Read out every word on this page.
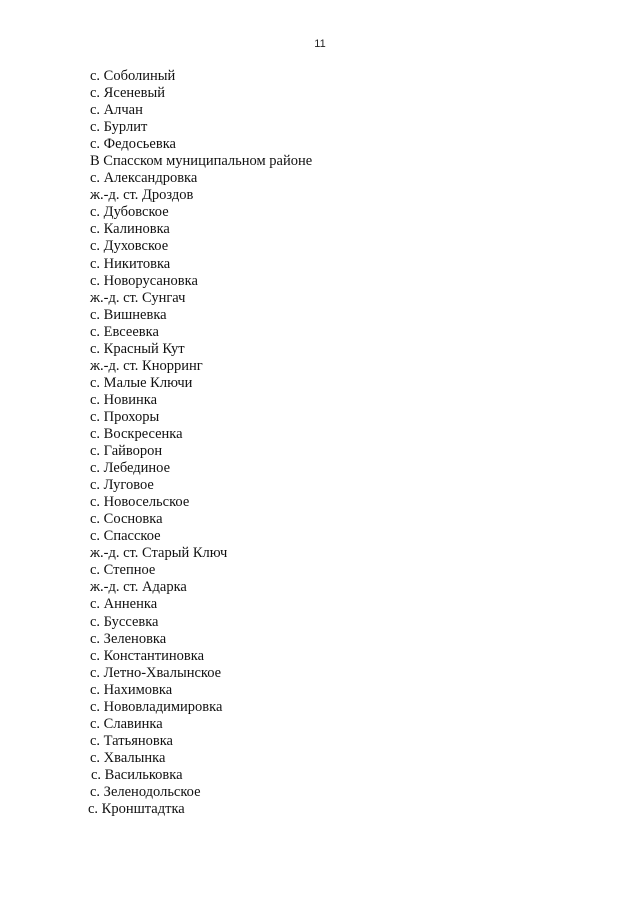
11
с. Соболиный
с. Ясеневый
с. Алчан
с. Бурлит
с. Федосьевка
В Спасском муниципальном районе
с. Александровка
ж.-д. ст. Дроздов
с. Дубовское
с. Калиновка
с. Духовское
с. Никитовка
с. Новорусановка
ж.-д. ст. Сунгач
с. Вишневка
с. Евсеевка
с. Красный Кут
ж.-д. ст. Кнорринг
с. Малые Ключи
с. Новинка
с. Прохоры
с. Воскресенка
с. Гайворон
с. Лебединое
с. Луговое
с. Новосельское
с. Сосновка
с. Спасское
ж.-д. ст. Старый Ключ
с. Степное
ж.-д. ст. Адарка
с. Анненка
с. Буссевка
с. Зеленовка
с. Константиновка
с. Летно-Хвалынское
с. Нахимовка
с. Нововладимировка
с. Славинка
с. Татьяновка
с. Хвалынка
с. Васильковка
с. Зеленодольское
с. Кронштадтка
